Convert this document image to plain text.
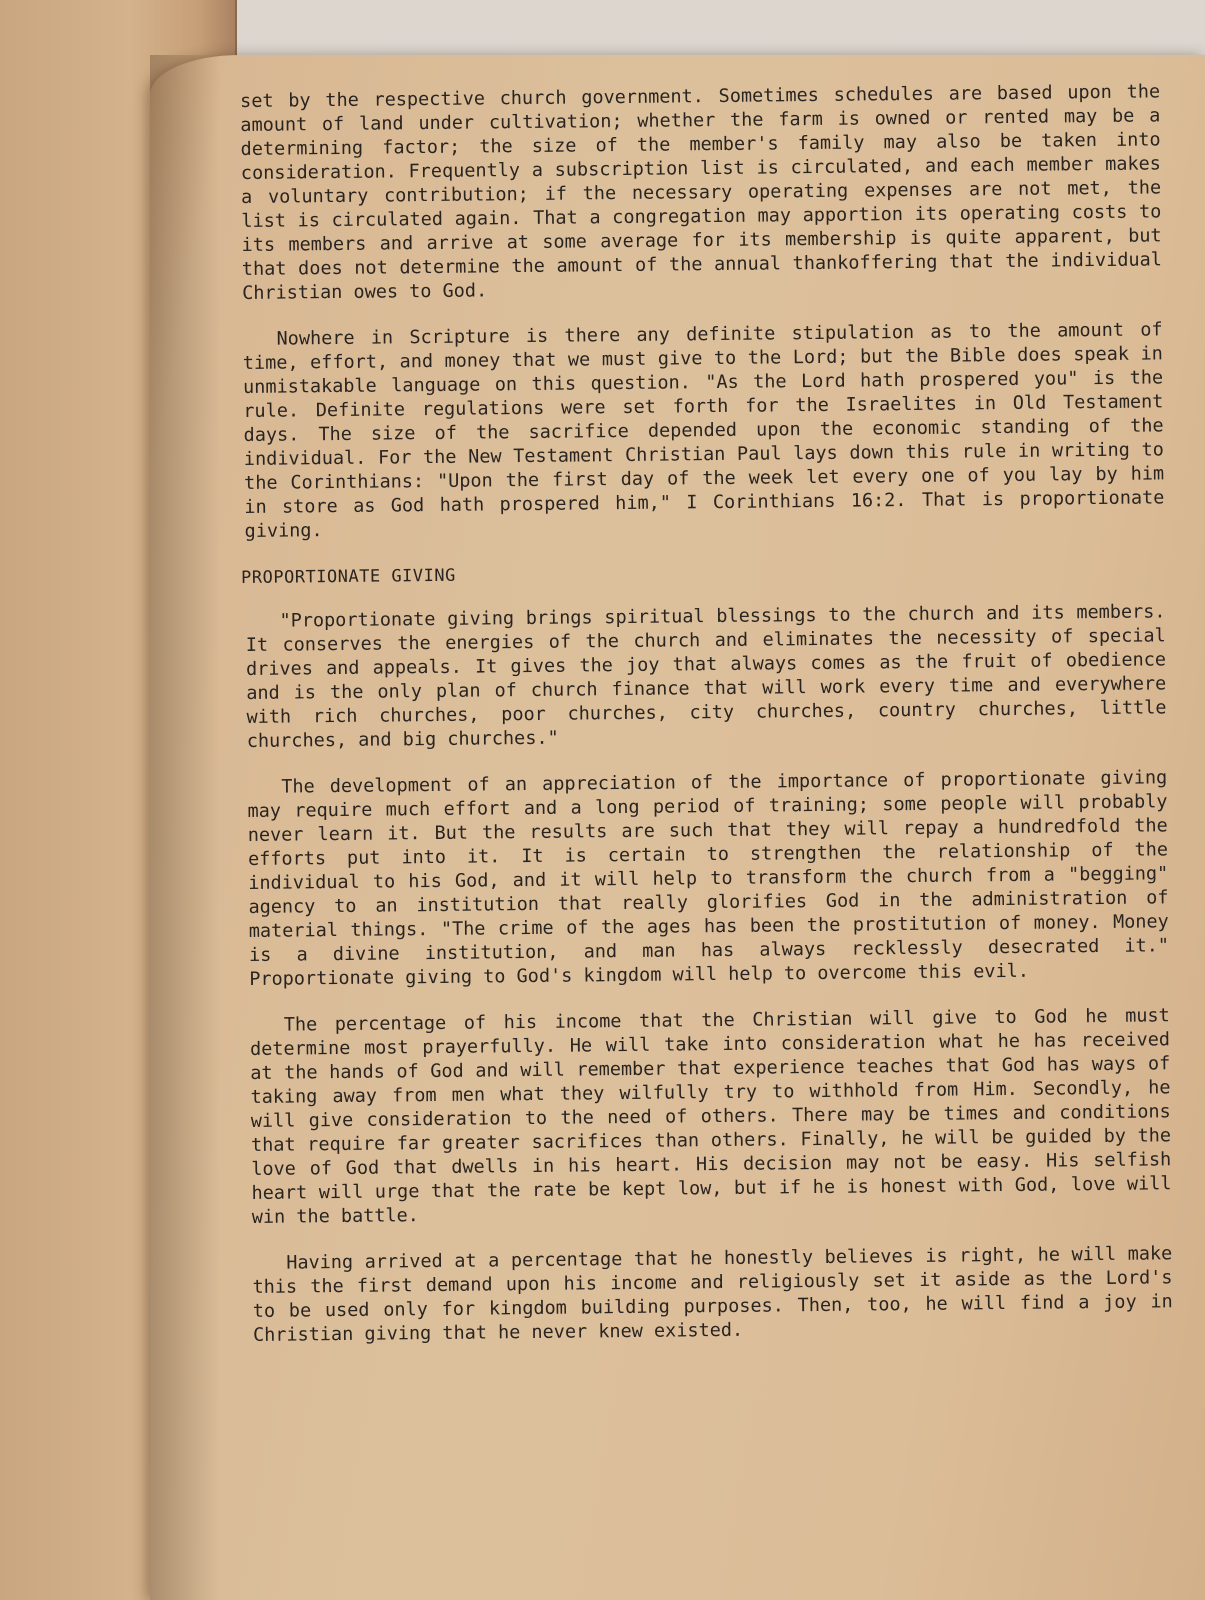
set by the respective church government. Sometimes schedules are based upon the amount of land under cultivation; whether the farm is owned or rented may be a determining factor; the size of the member's family may also be taken into consideration. Frequently a subscription list is circulated, and each member makes a voluntary contribution; if the necessary operating expenses are not met, the list is circulated again. That a congregation may apportion its operating costs to its members and arrive at some average for its membership is quite apparent, but that does not determine the amount of the annual thankoffering that the individual Christian owes to God.

Nowhere in Scripture is there any definite stipulation as to the amount of time, effort, and money that we must give to the Lord; but the Bible does speak in unmistakable language on this question. "As the Lord hath prospered you" is the rule. Definite regulations were set forth for the Israelites in Old Testament days. The size of the sacrifice depended upon the economic standing of the individual. For the New Testament Christian Paul lays down this rule in writing to the Corinthians: "Upon the first day of the week let every one of you lay by him in store as God hath prospered him," I Corinthians 16:2. That is proportionate giving.

PROPORTIONATE GIVING

"Proportionate giving brings spiritual blessings to the church and its members. It conserves the energies of the church and eliminates the necessity of special drives and appeals. It gives the joy that always comes as the fruit of obedience and is the only plan of church finance that will work every time and everywhere with rich churches, poor churches, city churches, country churches, little churches, and big churches."

The development of an appreciation of the importance of proportionate giving may require much effort and a long period of training; some people will probably never learn it. But the results are such that they will repay a hundredfold the efforts put into it. It is certain to strengthen the relationship of the individual to his God, and it will help to transform the church from a "begging" agency to an institution that really glorifies God in the administration of material things. "The crime of the ages has been the prostitution of money. Money is a divine institution, and man has always recklessly desecrated it." Proportionate giving to God's kingdom will help to overcome this evil.

The percentage of his income that the Christian will give to God he must determine most prayerfully. He will take into consideration what he has received at the hands of God and will remember that experience teaches that God has ways of taking away from men what they wilfully try to withhold from Him. Secondly, he will give consideration to the need of others. There may be times and conditions that require far greater sacrifices than others. Finally, he will be guided by the love of God that dwells in his heart. His decision may not be easy. His selfish heart will urge that the rate be kept low, but if he is honest with God, love will win the battle.

Having arrived at a percentage that he honestly believes is right, he will make this the first demand upon his income and religiously set it aside as the Lord's to be used only for kingdom building purposes. Then, too, he will find a joy in Christian giving that he never knew existed.
